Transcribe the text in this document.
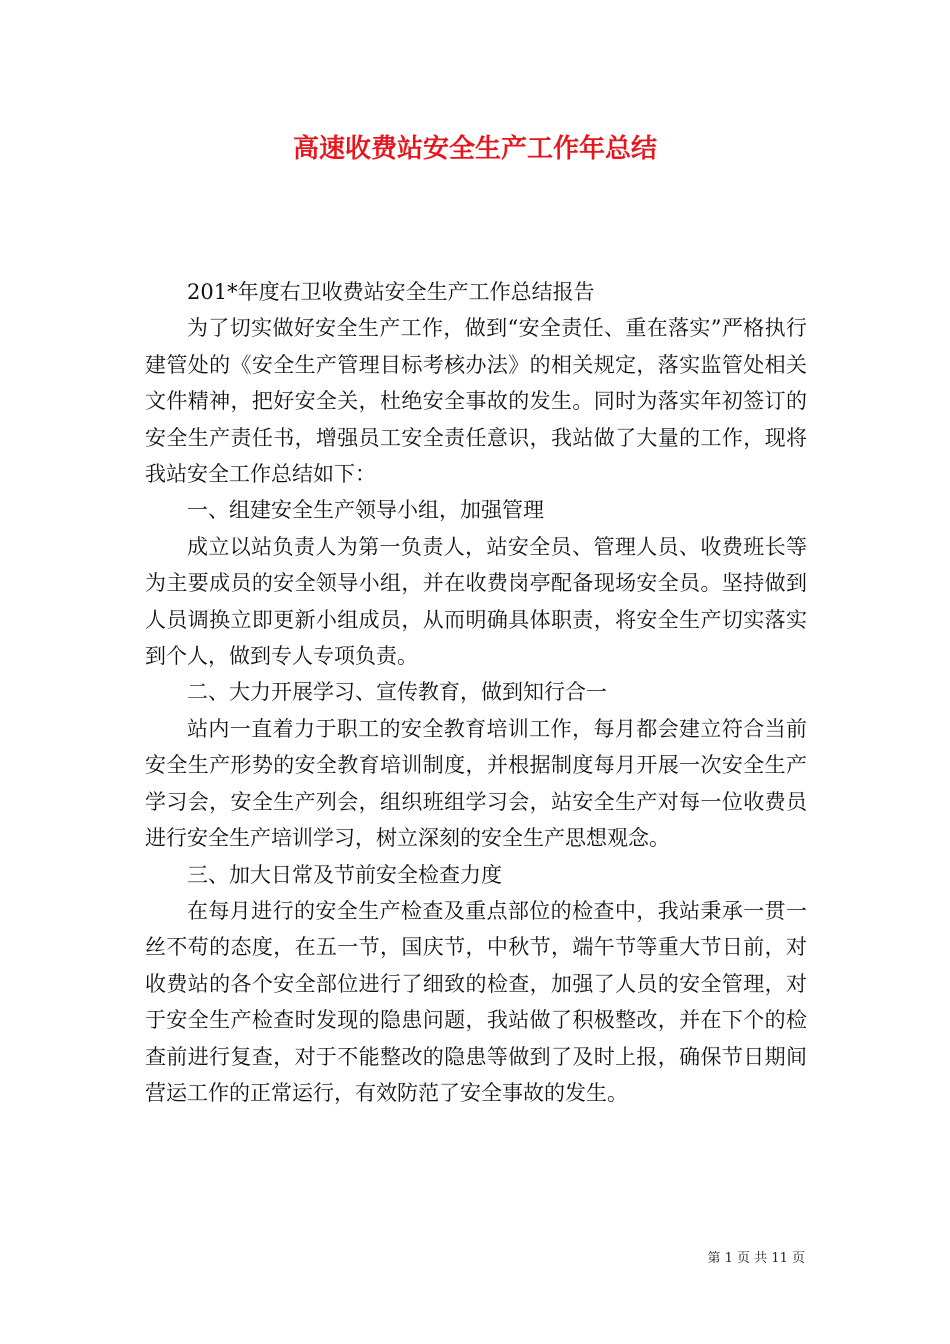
高速收费站安全生产工作年总结

201*年度右卫收费站安全生产工作总结报告

为了切实做好安全生产工作，做到“安全责任、重在落实”严格执行建管处的《安全生产管理目标考核办法》的相关规定，落实监管处相关文件精神，把好安全关，杜绝安全事故的发生。同时为落实年初签订的安全生产责任书，增强员工安全责任意识，我站做了大量的工作，现将我站安全工作总结如下：

一、组建安全生产领导小组，加强管理

成立以站负责人为第一负责人，站安全员、管理人员、收费班长等为主要成员的安全领导小组，并在收费岗亭配备现场安全员。坚持做到人员调换立即更新小组成员，从而明确具体职责，将安全生产切实落实到个人，做到专人专项负责。

二、大力开展学习、宣传教育，做到知行合一

站内一直着力于职工的安全教育培训工作，每月都会建立符合当前安全生产形势的安全教育培训制度，并根据制度每月开展一次安全生产学习会，安全生产列会，组织班组学习会，站安全生产对每一位收费员进行安全生产培训学习，树立深刻的安全生产思想观念。

三、加大日常及节前安全检查力度

在每月进行的安全生产检查及重点部位的检查中，我站秉承一贯一丝不苟的态度，在五一节，国庆节，中秋节，端午节等重大节日前，对收费站的各个安全部位进行了细致的检查，加强了人员的安全管理，对于安全生产检查时发现的隐患问题，我站做了积极整改，并在下个的检查前进行复查，对于不能整改的隐患等做到了及时上报，确保节日期间营运工作的正常运行，有效防范了安全事故的发生。

第 1 页 共 11 页
